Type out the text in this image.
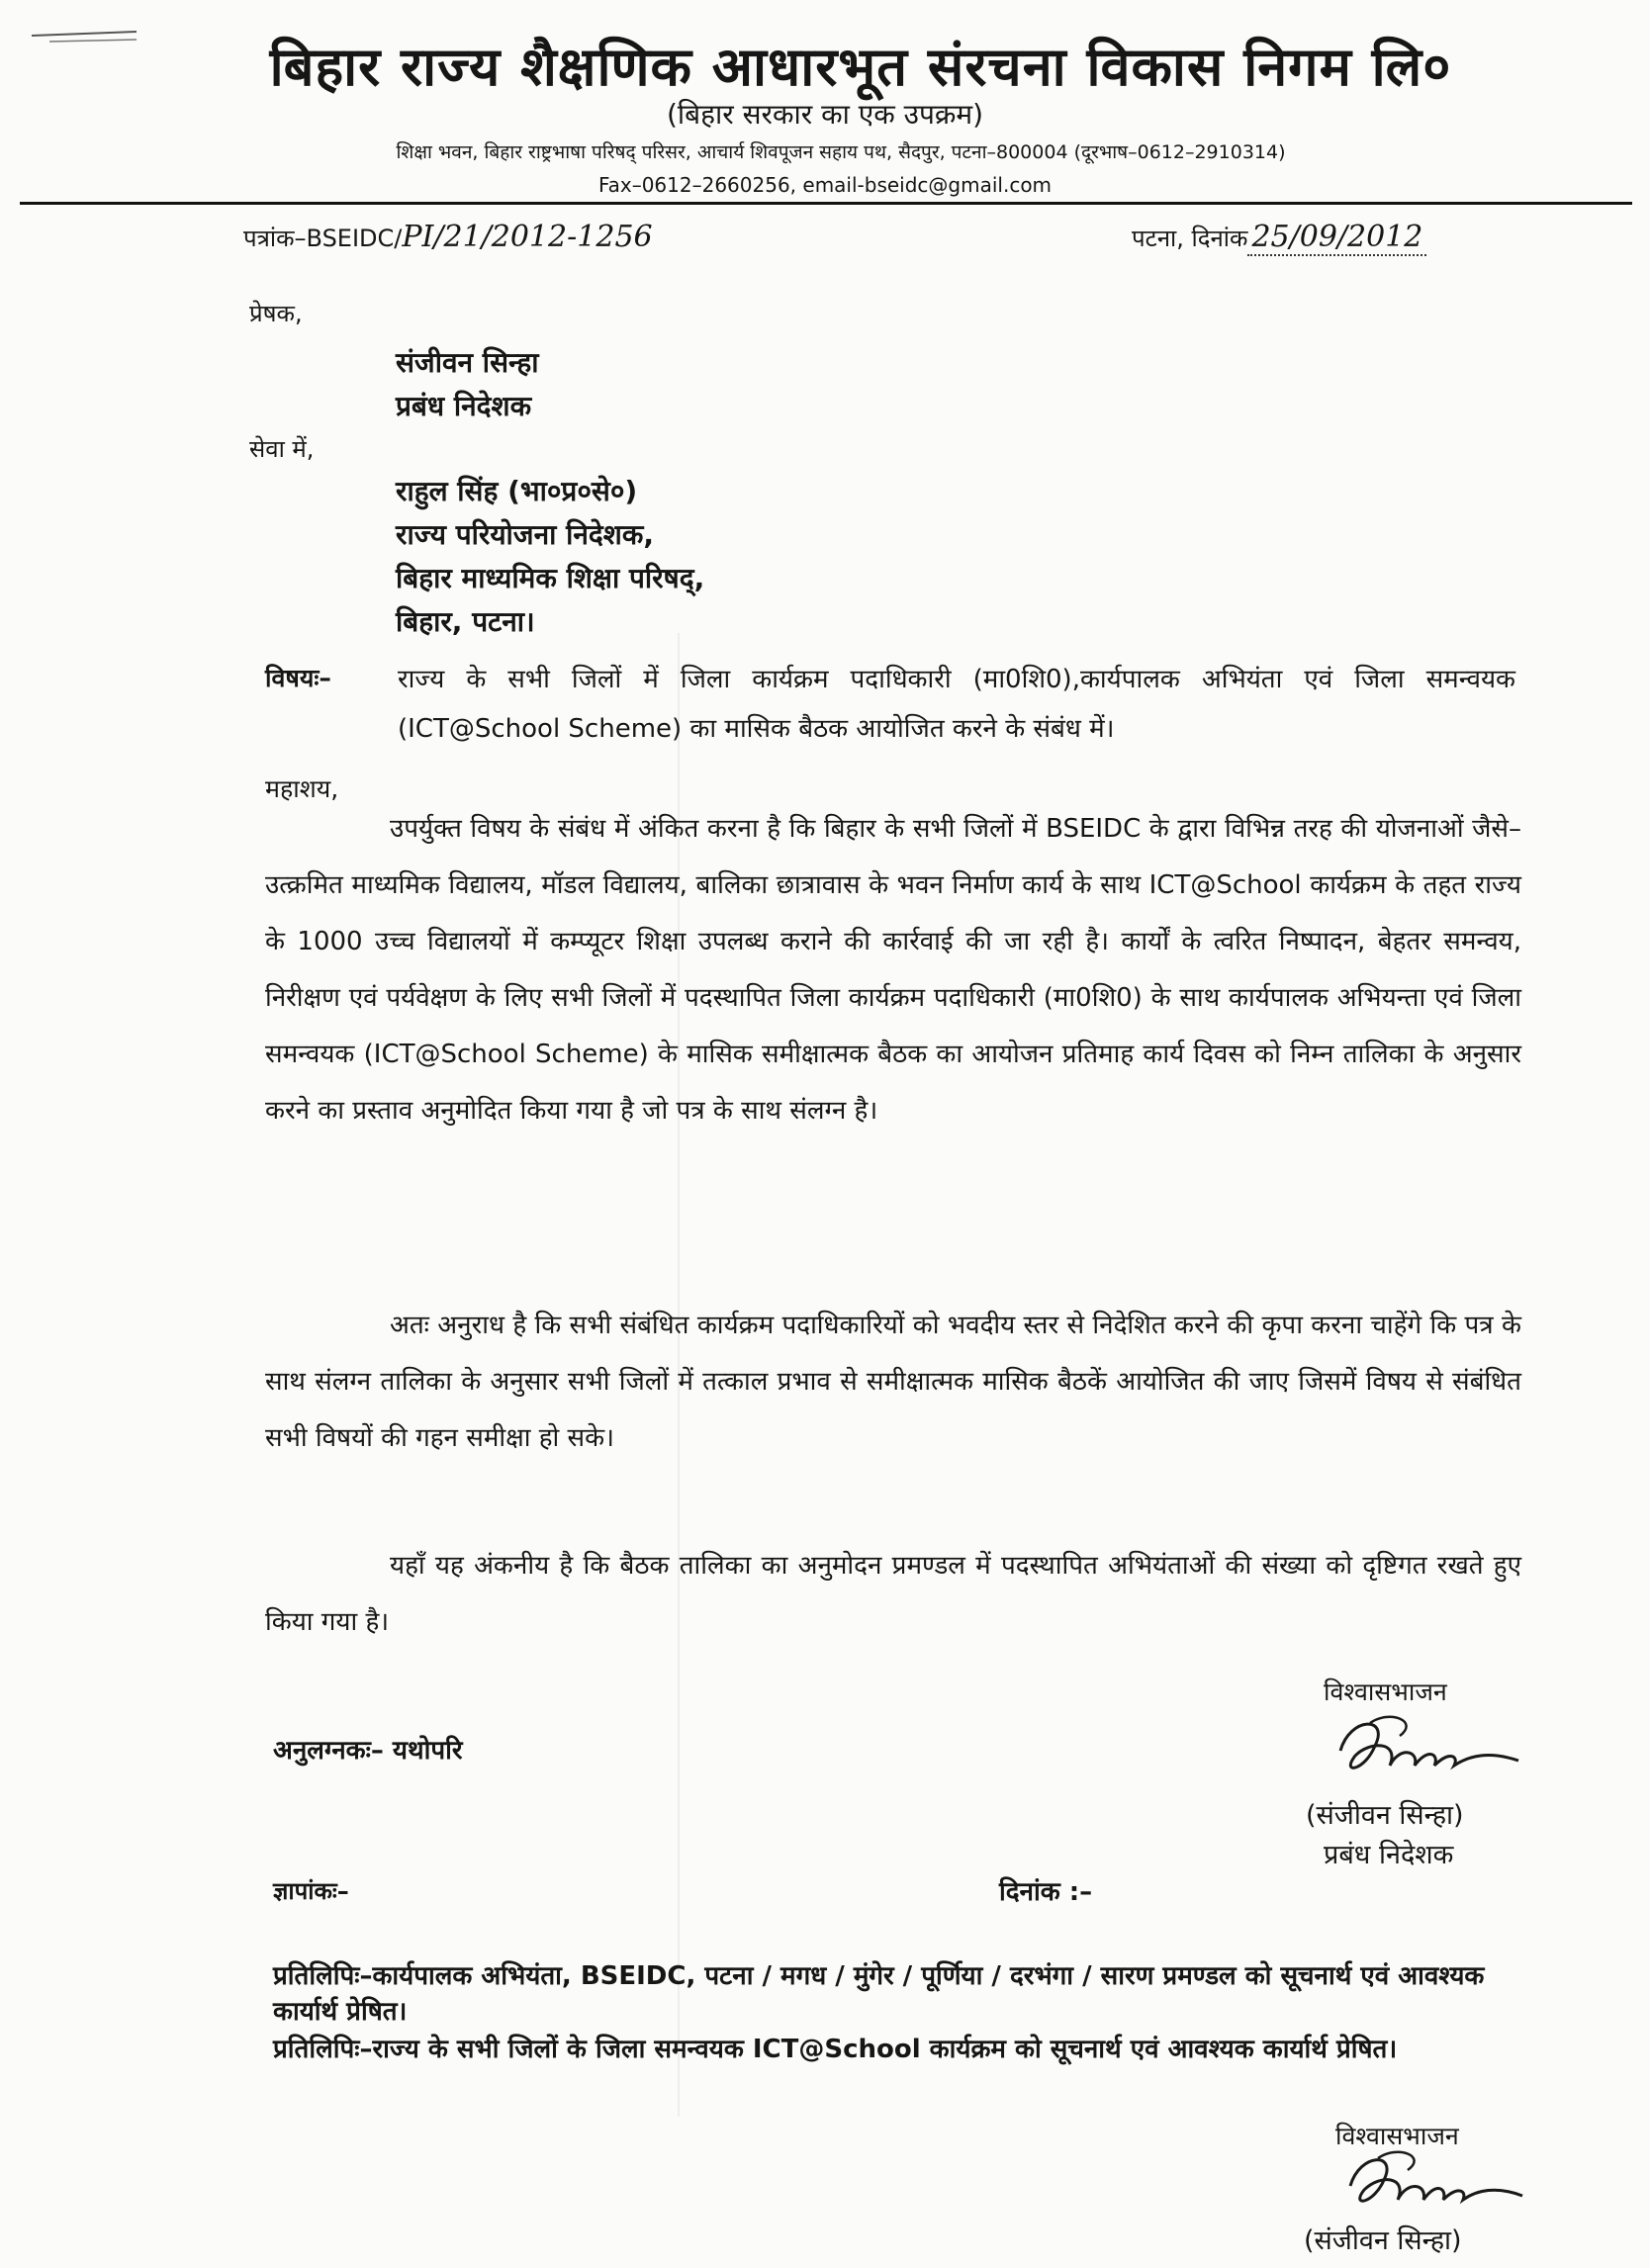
बिहार राज्य शैक्षणिक आधारभूत संरचना विकास निगम लि०
(बिहार सरकार का एक उपक्रम)
शिक्षा भवन, बिहार राष्ट्रभाषा परिषद् परिसर, आचार्य शिवपूजन सहाय पथ, सैदपुर, पटना–800004 (दूरभाष–0612–2910314)
Fax–0612–2660256, email-bseidc@gmail.com
पत्रांक–BSEIDC/PI/21/2012-1256	पटना, दिनांक 25/09/2012
प्रेषक,
संजीवन सिन्हा
प्रबंध निदेशक
सेवा में,
राहुल सिंह (भा०प्र०से०)
राज्य परियोजना निदेशक,
बिहार माध्यमिक शिक्षा परिषद्,
बिहार, पटना।
विषयः–	राज्य के सभी जिलों में जिला कार्यक्रम पदाधिकारी (मा0शि0),कार्यपालक अभियंता एवं जिला समन्वयक (ICT@School Scheme) का मासिक बैठक आयोजित करने के संबंध में।
महाशय,
उपर्युक्त विषय के संबंध में अंकित करना है कि बिहार के सभी जिलों में BSEIDC के द्वारा विभिन्न तरह की योजनाओं जैसे–उत्क्रमित माध्यमिक विद्यालय, मॉडल विद्यालय, बालिका छात्रावास के भवन निर्माण कार्य के साथ ICT@School कार्यक्रम के तहत राज्य के 1000 उच्च विद्यालयों में कम्प्यूटर शिक्षा उपलब्ध कराने की कार्रवाई की जा रही है। कार्यों के त्वरित निष्पादन, बेहतर समन्वय, निरीक्षण एवं पर्यवेक्षण के लिए सभी जिलों में पदस्थापित जिला कार्यक्रम पदाधिकारी (मा0शि0) के साथ कार्यपालक अभियन्ता एवं जिला समन्वयक (ICT@School Scheme) के मासिक समीक्षात्मक बैठक का आयोजन प्रतिमाह कार्य दिवस को निम्न तालिका के अनुसार करने का प्रस्ताव अनुमोदित किया गया है जो पत्र के साथ संलग्न है।
अतः अनुराध है कि सभी संबंधित कार्यक्रम पदाधिकारियों को भवदीय स्तर से निदेशित करने की कृपा करना चाहेंगे कि पत्र के साथ संलग्न तालिका के अनुसार सभी जिलों में तत्काल प्रभाव से समीक्षात्मक मासिक बैठकें आयोजित की जाए जिसमें विषय से संबंधित सभी विषयों की गहन समीक्षा हो सके।
यहाँ यह अंकनीय है कि बैठक तालिका का अनुमोदन प्रमण्डल में पदस्थापित अभियंताओं की संख्या को दृष्टिगत रखते हुए किया गया है।
विश्वासभाजन
(संजीवन सिन्हा)
प्रबंध निदेशक
अनुलग्नकः– यथोपरि
ज्ञापांकः–	दिनांक :–
प्रतिलिपिः–कार्यपालक अभियंता, BSEIDC, पटना / मगध / मुंगेर / पूर्णिया / दरभंगा / सारण प्रमण्डल को सूचनार्थ एवं आवश्यक कार्यार्थ प्रेषित।
प्रतिलिपिः–राज्य के सभी जिलों के जिला समन्वयक ICT@School कार्यक्रम को सूचनार्थ एवं आवश्यक कार्यार्थ प्रेषित।
विश्वासभाजन
(संजीवन सिन्हा)
